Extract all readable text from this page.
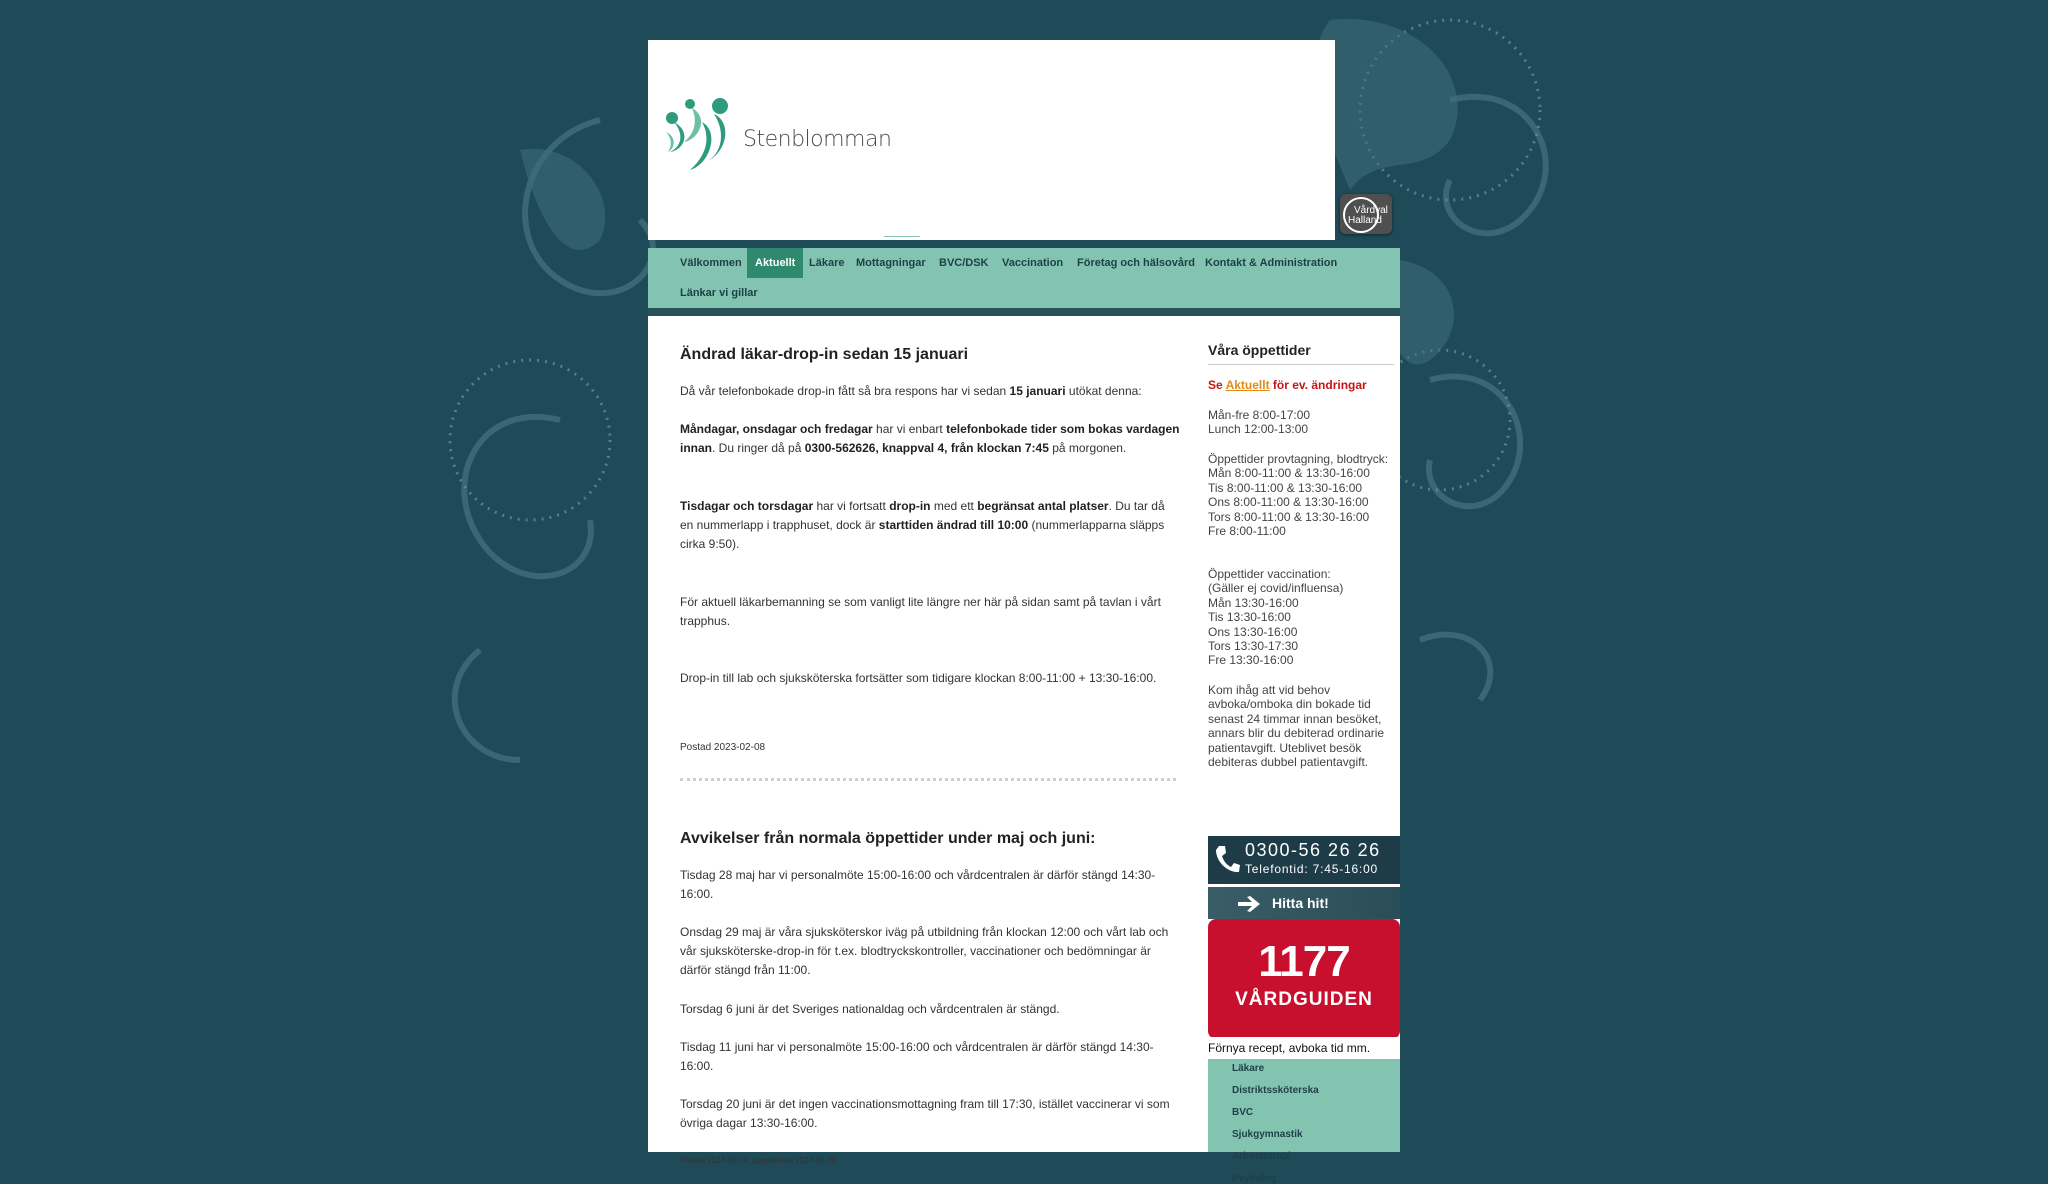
Stenblomman
Vårdval
Halland
Välkommen	Aktuellt	Läkare	Mottagningar	BVC/DSK	Vaccination	Företag och hälsovård Kontakt & Administration
Länkar vi gillar
Ändrad läkar-drop-in sedan 15 januari

Då vår telefonbokade drop-in fått så bra respons har vi sedan 15 januari utökat denna:

Måndagar, onsdagar och fredagar har vi enbart telefonbokade tider som bokas vardagen innan. Du ringer då på 0300-562626, knappval 4, från klockan 7:45 på morgonen.

Tisdagar och torsdagar har vi fortsatt drop-in med ett begränsat antal platser. Du tar då en nummerlapp i trapphuset, dock är starttiden ändrad till 10:00 (nummerlapparna släpps cirka 9:50).

För aktuell läkarbemanning se som vanligt lite längre ner här på sidan samt på tavlan i vårt trapphus.

Drop-in till lab och sjuksköterska fortsätter som tidigare klockan 8:00-11:00 + 13:30-16:00.

Postad 2023-02-08

Avvikelser från normala öppettider under maj och juni:

Tisdag 28 maj har vi personalmöte 15:00-16:00 och vårdcentralen är därför stängd 14:30-16:00.

Onsdag 29 maj är våra sjuksköterskor iväg på utbildning från klockan 12:00 och vårt lab och vår sjuksköterske-drop-in för t.ex. blodtryckskontroller, vaccinationer och bedömningar är därför stängd från 11:00.

Torsdag 6 juni är det Sveriges nationaldag och vårdcentralen är stängd.

Tisdag 11 juni har vi personalmöte 15:00-16:00 och vårdcentralen är därför stängd 14:30-16:00.

Torsdag 20 juni är det ingen vaccinationsmottagning fram till 17:30, istället vaccinerar vi som övriga dagar 13:30-16:00.

Postad 2024-05-14, uppdaterad 2024-05-28

Våra öppettider
Se Aktuellt för ev. ändringar
Mån-fre 8:00-17:00
Lunch 12:00-13:00
Öppettider provtagning, blodtryck:
Mån 8:00-11:00 & 13:30-16:00
Tis 8:00-11:00 & 13:30-16:00
Ons 8:00-11:00 & 13:30-16:00
Tors 8:00-11:00 & 13:30-16:00
Fre 8:00-11:00
Öppettider vaccination:
(Gäller ej covid/influensa)
Mån 13:30-16:00
Tis 13:30-16:00
Ons 13:30-16:00
Tors 13:30-17:30
Fre 13:30-16:00
Kom ihåg att vid behov avboka/omboka din bokade tid senast 24 timmar innan besöket, annars blir du debiterad ordinarie patientavgift. Uteblivet besök debiteras dubbel patientavgift.
0300-56 26 26
Telefontid: 7:45-16:00
Hitta hit!
1177
VÅRDGUIDEN
Förnya recept, avboka tid mm.
Läkare
Distriktssköterska
BVC
Sjukgymnastik
Arbetsterapi
Psykolog
